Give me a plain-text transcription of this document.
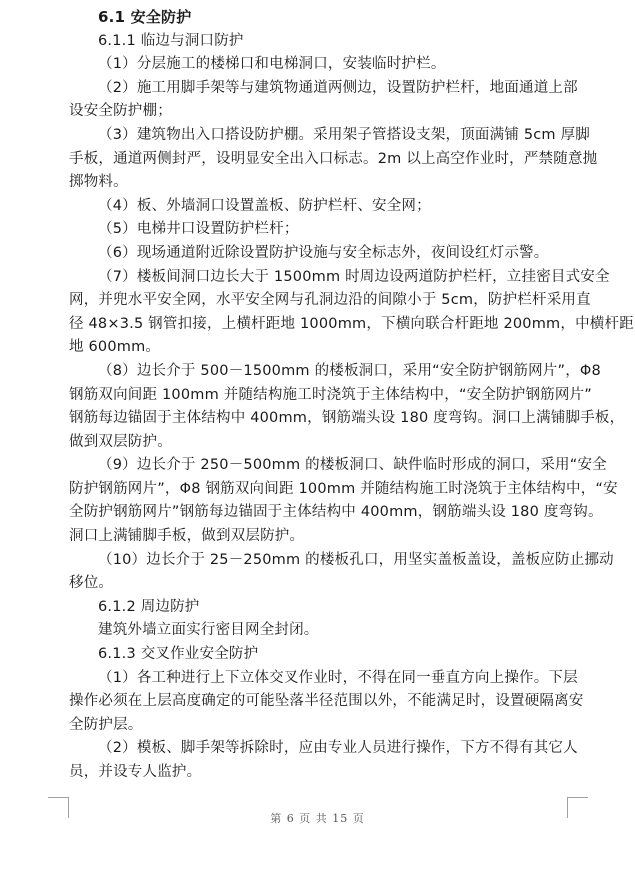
6.1 安全防护
6.1.1 临边与洞口防护
（1）分层施工的楼梯口和电梯洞口，安装临时护栏。
（2）施工用脚手架等与建筑物通道两侧边，设置防护栏杆，地面通道上部
设安全防护棚；
（3）建筑物出入口搭设防护棚。采用架子管搭设支架，顶面满铺 5cm 厚脚
手板，通道两侧封严，设明显安全出入口标志。2m 以上高空作业时，严禁随意抛
掷物料。
（4）板、外墙洞口设置盖板、防护栏杆、安全网；
（5）电梯井口设置防护栏杆；
（6）现场通道附近除设置防护设施与安全标志外，夜间设红灯示警。
（7）楼板间洞口边长大于 1500mm 时周边设两道防护栏杆，立挂密目式安全
网，并兜水平安全网，水平安全网与孔洞边沿的间隙小于 5cm，防护栏杆采用直
径 48×3.5 钢管扣接，上横杆距地 1000mm，下横向联合杆距地 200mm，中横杆距
地 600mm。
（8）边长介于 500－1500mm 的楼板洞口，采用“安全防护钢筋网片”，Φ8
钢筋双向间距 100mm 并随结构施工时浇筑于主体结构中，“安全防护钢筋网片”
钢筋每边锚固于主体结构中 400mm，钢筋端头设 180 度弯钩。洞口上满铺脚手板，
做到双层防护。
（9）边长介于 250－500mm 的楼板洞口、缺件临时形成的洞口，采用“安全
防护钢筋网片”，Φ8 钢筋双向间距 100mm 并随结构施工时浇筑于主体结构中，“安
全防护钢筋网片”钢筋每边锚固于主体结构中 400mm，钢筋端头设 180 度弯钩。
洞口上满铺脚手板，做到双层防护。
（10）边长介于 25－250mm 的楼板孔口，用坚实盖板盖设，盖板应防止挪动
移位。
6.1.2 周边防护
建筑外墙立面实行密目网全封闭。
6.1.3 交叉作业安全防护
（1）各工种进行上下立体交叉作业时，不得在同一垂直方向上操作。下层
操作必须在上层高度确定的可能坠落半径范围以外，不能满足时，设置硬隔离安
全防护层。
（2）模板、脚手架等拆除时，应由专业人员进行操作，下方不得有其它人
员，并设专人监护。
第 6 页 共 15 页
